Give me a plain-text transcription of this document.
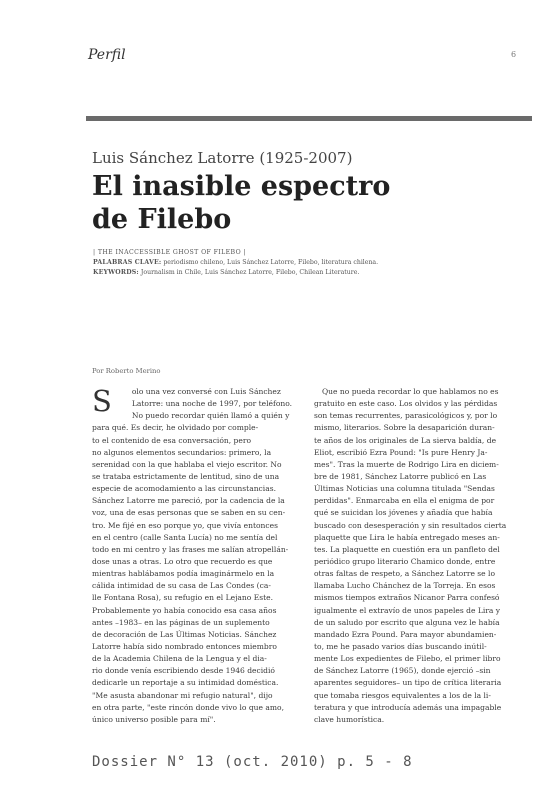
Perfil	6
Luis Sánchez Latorre (1925-2007)
El inasible espectro
de Filebo
| THE INACCESSIBLE GHOST OF FILEBO |
PALABRAS CLAVE: periodismo chileno, Luis Sánchez Latorre, Filebo, literatura chilena.
KEYWORDS: Journalism in Chile, Luis Sánchez Latorre, Filebo, Chilean Literature.
Por Roberto Merino
S	olo una vez conversé con Luis Sánchez
Latorre: una noche de 1997, por teléfono.
No puedo recordar quién llamó a quién y
para qué. Es decir, he olvidado por comple-
to el contenido de esa conversación, pero
no algunos elementos secundarios: primero, la
serenidad con la que hablaba el viejo escritor. No
se trataba estrictamente de lentitud, sino de una
especie de acomodamiento a las circunstancias.
Sánchez Latorre me pareció, por la cadencia de la
voz, una de esas personas que se saben en su cen-
tro. Me fijé en eso porque yo, que vivía entonces
en el centro (calle Santa Lucía) no me sentía del
todo en mi centro y las frases me salían atropellán-
dose unas a otras. Lo otro que recuerdo es que
mientras hablábamos podía imaginármelo en la
cálida intimidad de su casa de Las Condes (ca-
lle Fontana Rosa), su refugio en el Lejano Este.
Probablemente yo había conocido esa casa años
antes –1983– en las páginas de un suplemento
de decoración de Las Últimas Noticias. Sánchez
Latorre había sido nombrado entonces miembro
de la Academia Chilena de la Lengua y el dia-
rio donde venía escribiendo desde 1946 decidió
dedicarle un reportaje a su intimidad doméstica.
"Me asusta abandonar mi refugio natural", dijo
en otra parte, "este rincón donde vivo lo que amo,
único universo posible para mí".
Que no pueda recordar lo que hablamos no es
gratuito en este caso. Los olvidos y las pérdidas
son temas recurrentes, parasicológicos y, por lo
mismo, literarios. Sobre la desaparición duran-
te años de los originales de La sierva baldía, de
Eliot, escribió Ezra Pound: "Is pure Henry Ja-
mes". Tras la muerte de Rodrigo Lira en diciem-
bre de 1981, Sánchez Latorre publicó en Las
Últimas Noticias una columna titulada "Sendas
perdidas". Enmarcaba en ella el enigma de por
qué se suicidan los jóvenes y añadía que había
buscado con desesperación y sin resultados cierta
plaquette que Lira le había entregado meses an-
tes. La plaquette en cuestión era un panfleto del
periódico grupo literario Chamico donde, entre
otras faltas de respeto, a Sánchez Latorre se lo
llamaba Lucho Chánchez de la Torreja. En esos
mismos tiempos extraños Nicanor Parra confesó
igualmente el extravío de unos papeles de Lira y
de un saludo por escrito que alguna vez le había
mandado Ezra Pound. Para mayor abundamien-
to, me he pasado varios días buscando inútil-
mente Los expedientes de Filebo, el primer libro
de Sánchez Latorre (1965), donde ejerció –sin
aparentes seguidores– un tipo de crítica literaria
que tomaba riesgos equivalentes a los de la li-
teratura y que introducía además una impagable
clave humorística.
Dossier N° 13 (oct. 2010) p. 5 - 8
